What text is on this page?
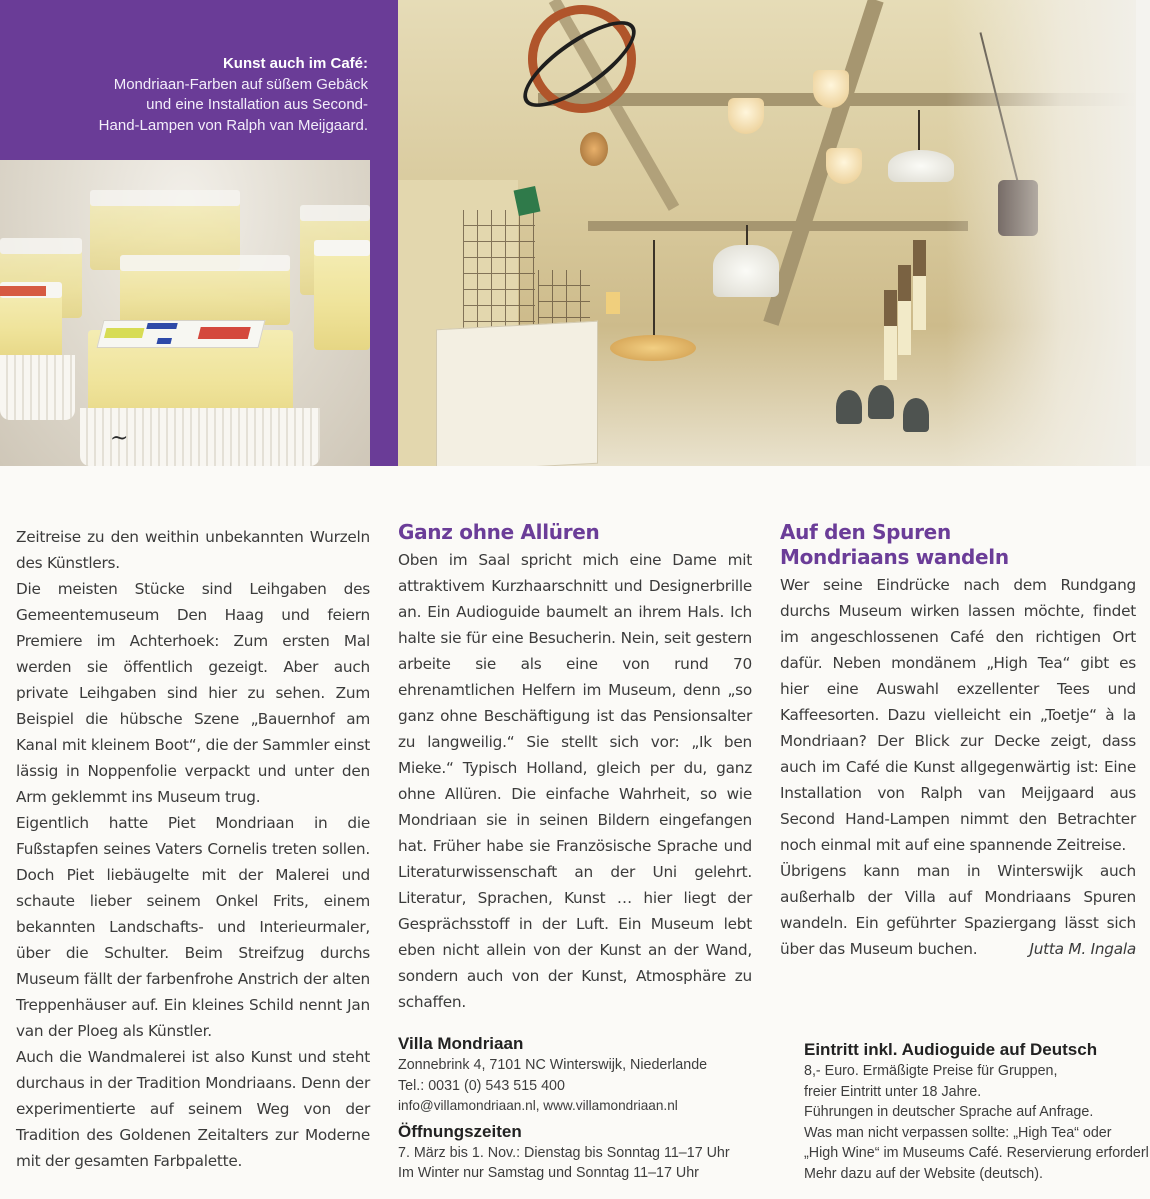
Kunst auch im Café:
Mondriaan-Farben auf süßem Gebäck
und eine Installation aus Second-
Hand-Lampen von Ralph van Meijgaard.
~

Zeitreise zu den weithin unbekannten Wurzeln des Künstlers.

Die meisten Stücke sind Leihgaben des Gemeentemuseum Den Haag und feiern Premiere im Achterhoek: Zum ersten Mal werden sie öffentlich gezeigt. Aber auch private Leihgaben sind hier zu sehen. Zum Beispiel die hübsche Szene „Bauernhof am Kanal mit kleinem Boot“, die der Sammler einst lässig in Noppenfolie verpackt und unter den Arm geklemmt ins Museum trug.

Eigentlich hatte Piet Mondriaan in die Fußstapfen seines Vaters Cornelis treten sollen. Doch Piet liebäugelte mit der Malerei und schaute lieber seinem Onkel Frits, einem bekannten Landschafts- und Interieurmaler, über die Schulter. Beim Streifzug durchs Museum fällt der farbenfrohe Anstrich der alten Treppenhäuser auf. Ein kleines Schild nennt Jan van der Ploeg als Künstler.

Auch die Wandmalerei ist also Kunst und steht durchaus in der Tradition Mondriaans. Denn der experimentierte auf seinem Weg von der Tradition des Goldenen Zeitalters zur Moderne mit der gesamten Farbpalette.

Ganz ohne Allüren

Oben im Saal spricht mich eine Dame mit attraktivem Kurzhaarschnitt und Designerbrille an. Ein Audioguide baumelt an ihrem Hals. Ich halte sie für eine Besucherin. Nein, seit gestern arbeite sie als eine von rund 70 ehrenamtlichen Helfern im Museum, denn „so ganz ohne Beschäftigung ist das Pensionsalter zu langweilig.“ Sie stellt sich vor: „Ik ben Mieke.“ Typisch Holland, gleich per du, ganz ohne Allüren. Die einfache Wahrheit, so wie Mondriaan sie in seinen Bildern eingefangen hat. Früher habe sie Französische Sprache und Literaturwissenschaft an der Uni gelehrt. Literatur, Sprachen, Kunst … hier liegt der Gesprächsstoff in der Luft. Ein Museum lebt eben nicht allein von der Kunst an der Wand, sondern auch von der Kunst, Atmosphäre zu schaffen.

Auf den Spuren
Mondriaans wandeln

Wer seine Eindrücke nach dem Rundgang durchs Museum wirken lassen möchte, findet im angeschlossenen Café den richtigen Ort dafür. Neben mondänem „High Tea“ gibt es hier eine Auswahl exzellenter Tees und Kaffeesorten. Dazu vielleicht ein „Toetje“ à la Mondriaan? Der Blick zur Decke zeigt, dass auch im Café die Kunst allgegenwärtig ist: Eine Installation von Ralph van Meijgaard aus Second Hand-Lampen nimmt den Betrachter noch einmal mit auf eine spannende Zeitreise.

Übrigens kann man in Winterswijk auch außerhalb der Villa auf Mondriaans Spuren wandeln. Ein geführter Spaziergang lässt sich über das Museum buchen.	Jutta M. Ingala

Villa Mondriaan
Zonnebrink 4, 7101 NC Winterswijk, Niederlande
Tel.: 0031 (0) 543 515 400
info@villamondriaan.nl, www.villamondriaan.nl
Öffnungszeiten
7. März bis 1. Nov.: Dienstag bis Sonntag 11–17 Uhr
Im Winter nur Samstag und Sonntag 11–17 Uhr
Eintritt inkl. Audioguide auf Deutsch
8,- Euro. Ermäßigte Preise für Gruppen,
freier Eintritt unter 18 Jahre.
Führungen in deutscher Sprache auf Anfrage.
Was man nicht verpassen sollte: „High Tea“ oder
„High Wine“ im Museums Café. Reservierung erforderl
Mehr dazu auf der Website (deutsch).
